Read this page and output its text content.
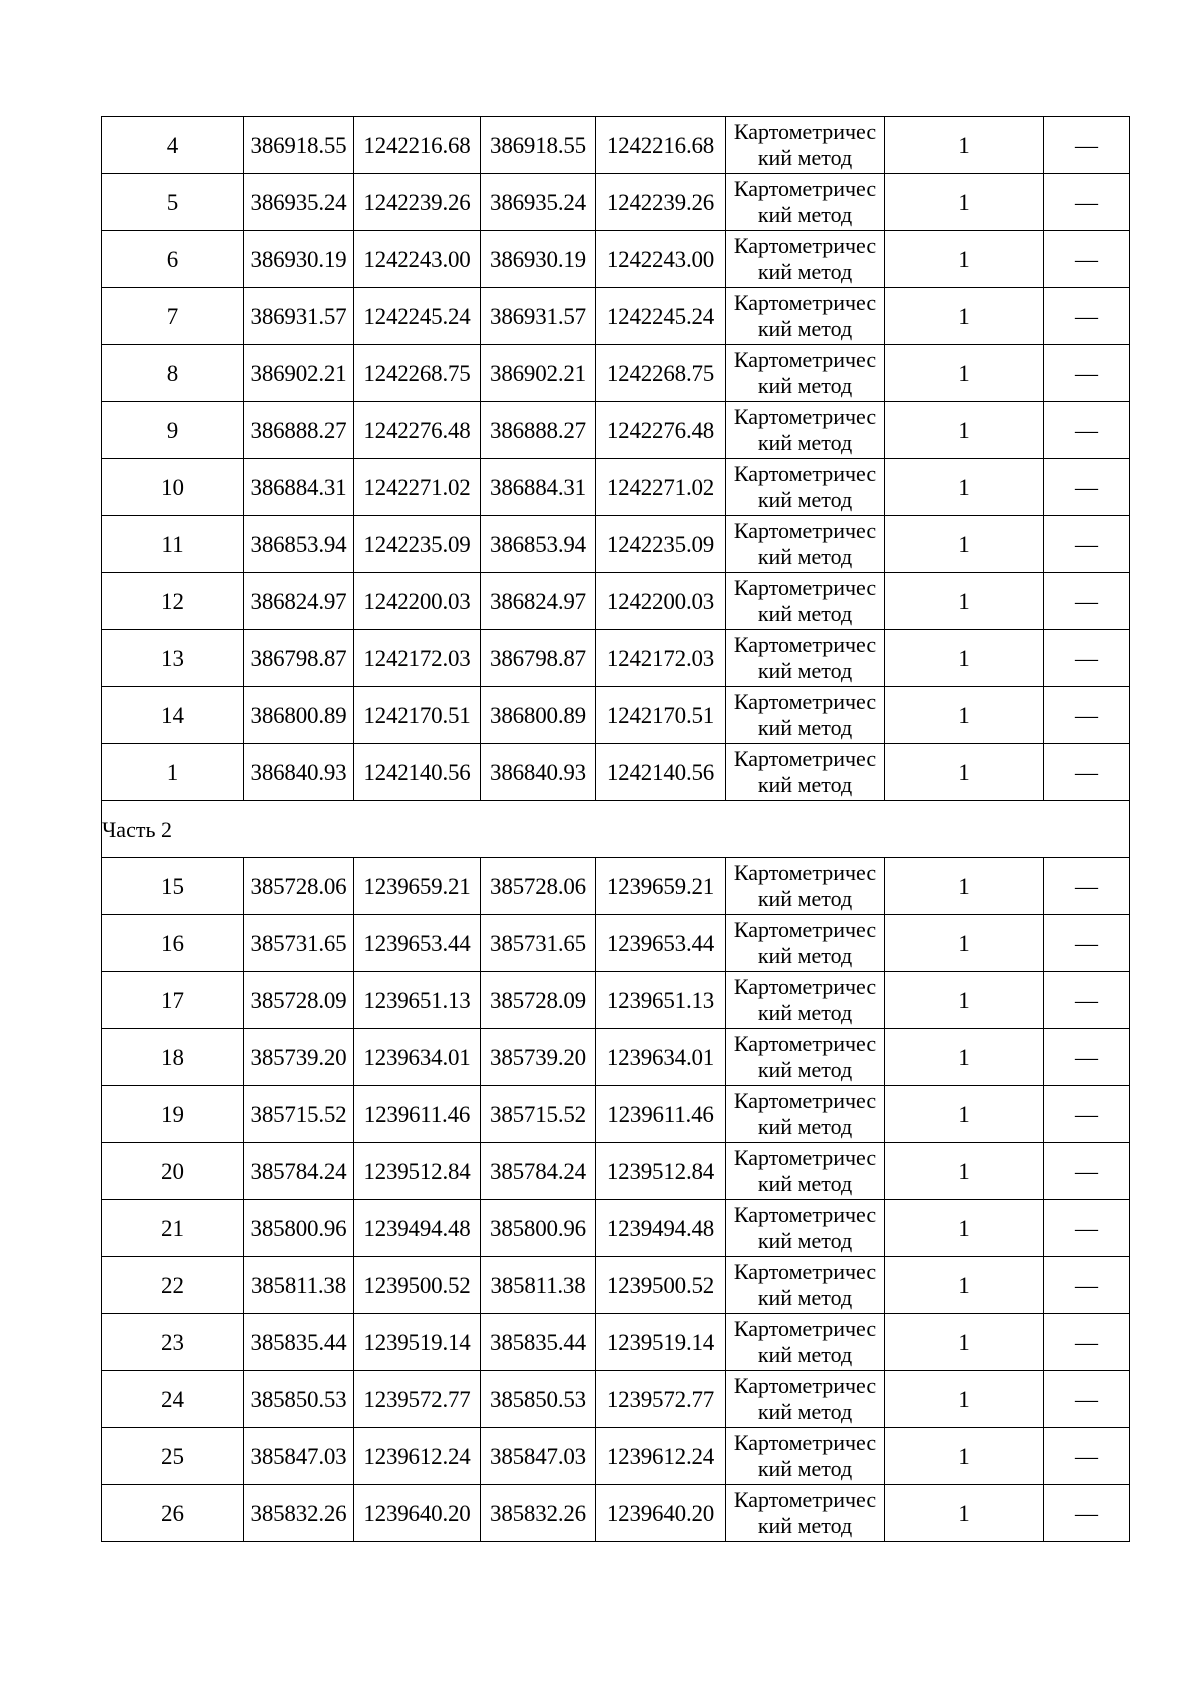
4	386918.55	1242216.68	386918.55	1242216.68	Картометрический метод	1	—
5	386935.24	1242239.26	386935.24	1242239.26	Картометрический метод	1	—
6	386930.19	1242243.00	386930.19	1242243.00	Картометрический метод	1	—
7	386931.57	1242245.24	386931.57	1242245.24	Картометрический метод	1	—
8	386902.21	1242268.75	386902.21	1242268.75	Картометрический метод	1	—
9	386888.27	1242276.48	386888.27	1242276.48	Картометрический метод	1	—
10	386884.31	1242271.02	386884.31	1242271.02	Картометрический метод	1	—
11	386853.94	1242235.09	386853.94	1242235.09	Картометрический метод	1	—
12	386824.97	1242200.03	386824.97	1242200.03	Картометрический метод	1	—
13	386798.87	1242172.03	386798.87	1242172.03	Картометрический метод	1	—
14	386800.89	1242170.51	386800.89	1242170.51	Картометрический метод	1	—
1	386840.93	1242140.56	386840.93	1242140.56	Картометрический метод	1	—
Часть 2							
15	385728.06	1239659.21	385728.06	1239659.21	Картометрический метод	1	—
16	385731.65	1239653.44	385731.65	1239653.44	Картометрический метод	1	—
17	385728.09	1239651.13	385728.09	1239651.13	Картометрический метод	1	—
18	385739.20	1239634.01	385739.20	1239634.01	Картометрический метод	1	—
19	385715.52	1239611.46	385715.52	1239611.46	Картометрический метод	1	—
20	385784.24	1239512.84	385784.24	1239512.84	Картометрический метод	1	—
21	385800.96	1239494.48	385800.96	1239494.48	Картометрический метод	1	—
22	385811.38	1239500.52	385811.38	1239500.52	Картометрический метод	1	—
23	385835.44	1239519.14	385835.44	1239519.14	Картометрический метод	1	—
24	385850.53	1239572.77	385850.53	1239572.77	Картометрический метод	1	—
25	385847.03	1239612.24	385847.03	1239612.24	Картометрический метод	1	—
26	385832.26	1239640.20	385832.26	1239640.20	Картометрический метод	1	—
